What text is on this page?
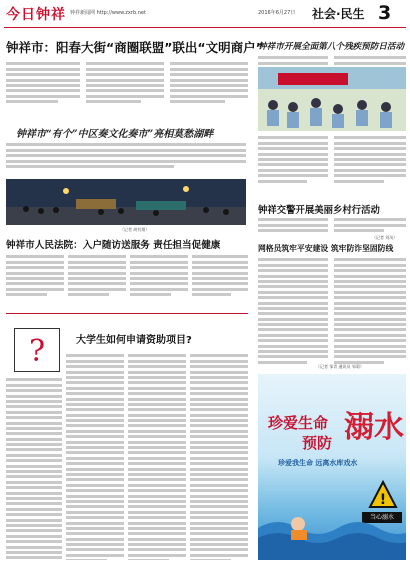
今日钟祥 钟祥新闻网 http://www.zxrb.net	2016年6月27日 社会·民生 3
钟祥市：阳春大街“商圈联盟”联出“文明商户”
钟祥市“有个”中区奏文化奏市”亮相莫愁湖畔
（记者 胡有翔）
钟祥市人民法院：入户随访送服务 责任担当促健康
?	大学生如何申请资助项目?
钟祥市开展全面第八个残疾预防日活动
钟祥交警开展美丽乡村行活动
（记者 刘凤）
网格员筑牢平安建设 筑牢防诈坚固防线
（记者 邹青 通讯员 邹莉）
珍爱生命
预防 溺水
珍爱我生命 远离水库戏水
!
当心溺水
